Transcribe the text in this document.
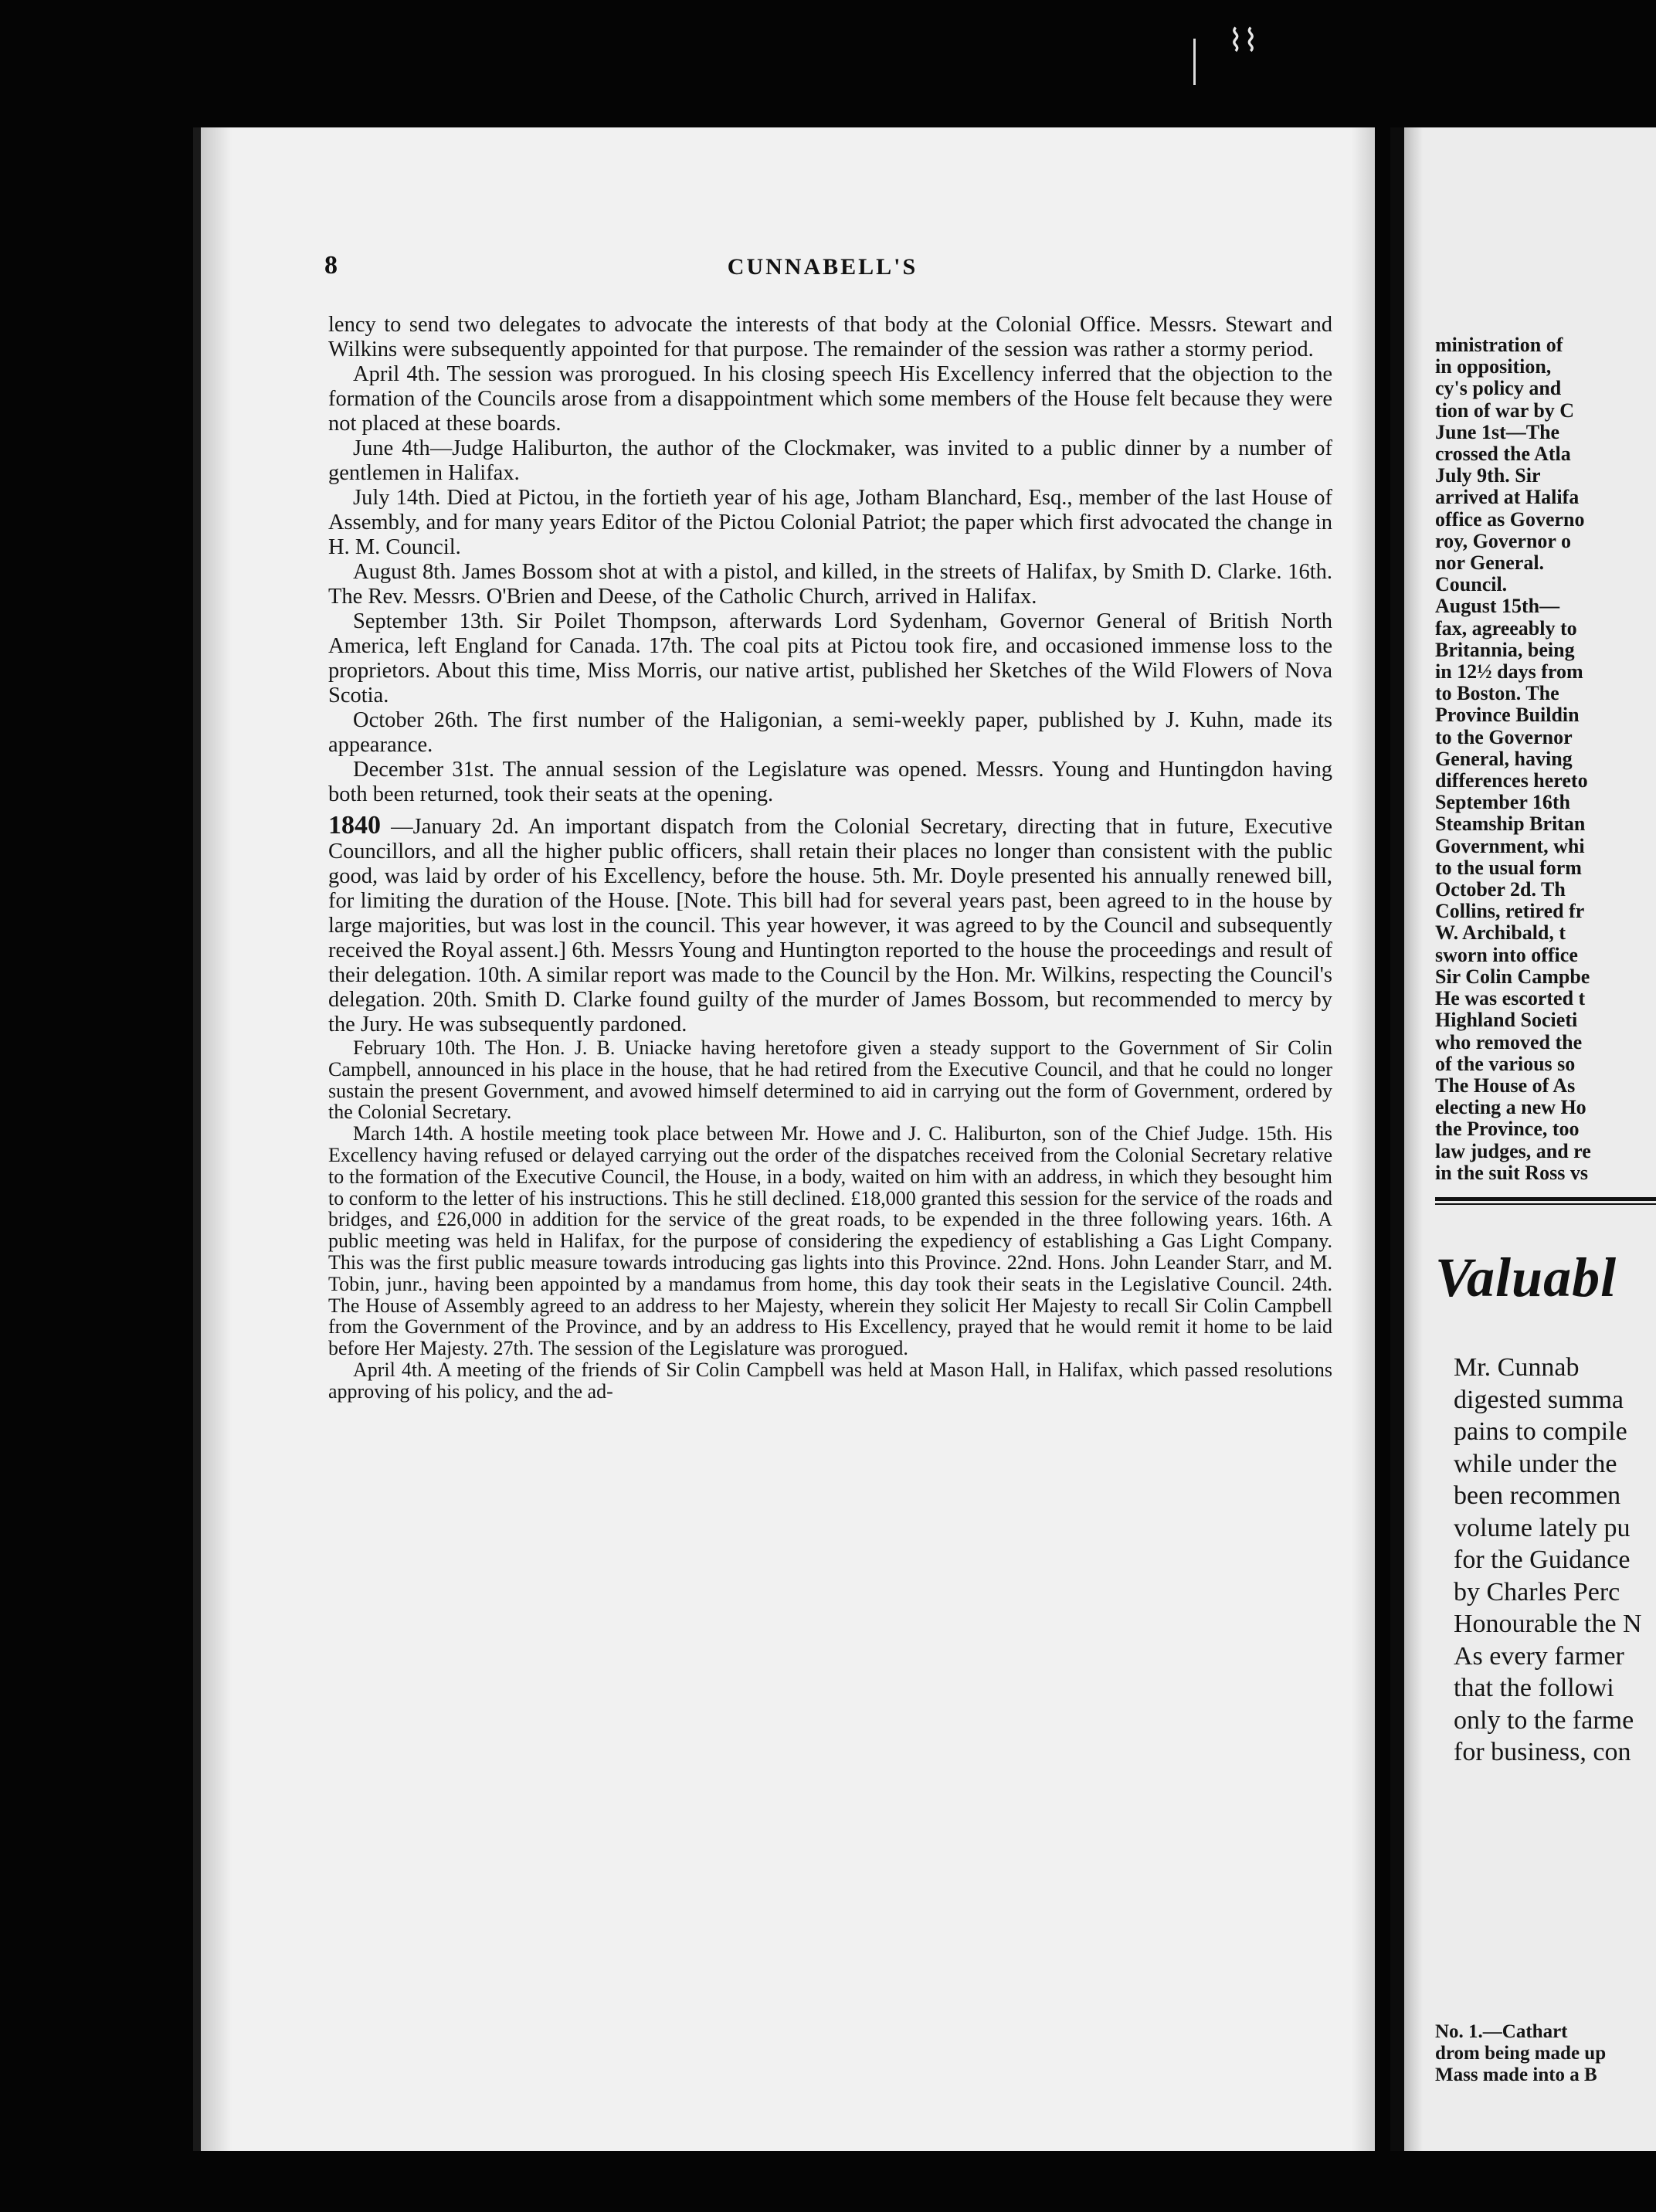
⌇⌇
8	CUNNABELL'S

lency to send two delegates to advocate the interests of that body at the Colonial Office. Messrs. Stewart and Wilkins were subsequently appointed for that purpose. The remainder of the session was rather a stormy period.

April 4th. The session was prorogued. In his closing speech His Excellency inferred that the objection to the formation of the Councils arose from a disappointment which some members of the House felt because they were not placed at these boards.

June 4th—Judge Haliburton, the author of the Clockmaker, was invited to a public dinner by a number of gentlemen in Halifax.

July 14th. Died at Pictou, in the fortieth year of his age, Jotham Blanchard, Esq., member of the last House of Assembly, and for many years Editor of the Pictou Colonial Patriot; the paper which first advocated the change in H. M. Council.

August 8th. James Bossom shot at with a pistol, and killed, in the streets of Halifax, by Smith D. Clarke. 16th. The Rev. Messrs. O'Brien and Deese, of the Catholic Church, arrived in Halifax.

September 13th. Sir Poilet Thompson, afterwards Lord Sydenham, Governor General of British North America, left England for Canada. 17th. The coal pits at Pictou took fire, and occasioned immense loss to the proprietors. About this time, Miss Morris, our native artist, published her Sketches of the Wild Flowers of Nova Scotia.

October 26th. The first number of the Haligonian, a semi-weekly paper, published by J. Kuhn, made its appearance.

December 31st. The annual session of the Legislature was opened. Messrs. Young and Huntingdon having both been returned, took their seats at the opening.

1840 —January 2d. An important dispatch from the Colonial Secretary, directing that in future, Executive Councillors, and all the higher public officers, shall retain their places no longer than consistent with the public good, was laid by order of his Excellency, before the house. 5th. Mr. Doyle presented his annually renewed bill, for limiting the duration of the House. [Note. This bill had for several years past, been agreed to in the house by large majorities, but was lost in the council. This year however, it was agreed to by the Council and subsequently received the Royal assent.] 6th. Messrs Young and Huntington reported to the house the proceedings and result of their delegation. 10th. A similar report was made to the Council by the Hon. Mr. Wilkins, respecting the Council's delegation. 20th. Smith D. Clarke found guilty of the murder of James Bossom, but recommended to mercy by the Jury. He was subsequently pardoned.

February 10th. The Hon. J. B. Uniacke having heretofore given a steady support to the Government of Sir Colin Campbell, announced in his place in the house, that he had retired from the Executive Council, and that he could no longer sustain the present Government, and avowed himself determined to aid in carrying out the form of Government, ordered by the Colonial Secretary.

March 14th. A hostile meeting took place between Mr. Howe and J. C. Haliburton, son of the Chief Judge. 15th. His Excellency having refused or delayed carrying out the order of the dispatches received from the Colonial Secretary relative to the formation of the Executive Council, the House, in a body, waited on him with an address, in which they besought him to conform to the letter of his instructions. This he still declined. £18,000 granted this session for the service of the roads and bridges, and £26,000 in addition for the service of the great roads, to be expended in the three following years. 16th. A public meeting was held in Halifax, for the purpose of considering the expediency of establishing a Gas Light Company. This was the first public measure towards introducing gas lights into this Province. 22nd. Hons. John Leander Starr, and M. Tobin, junr., having been appointed by a mandamus from home, this day took their seats in the Legislative Council. 24th. The House of Assembly agreed to an address to her Majesty, wherein they solicit Her Majesty to recall Sir Colin Campbell from the Government of the Province, and by an address to His Excellency, prayed that he would remit it home to be laid before Her Majesty. 27th. The session of the Legislature was prorogued.

April 4th. A meeting of the friends of Sir Colin Campbell was held at Mason Hall, in Halifax, which passed resolutions approving of his policy, and the ad-

ministration of
in opposition,
cy's policy and
tion of war by C
June 1st—The
crossed the Atla
July 9th. Sir
arrived at Halifa
office as Governo
roy, Governor o
nor General.
Council.
August 15th—
fax, agreeably to
Britannia, being
in 12½ days from
to Boston. The
Province Buildin
to the Governor
General, having
differences hereto
September 16th
Steamship Britan
Government, whi
to the usual form
October 2d. Th
Collins, retired fr
W. Archibald, t
sworn into office
Sir Colin Campbe
He was escorted t
Highland Societi
who removed the
of the various so
The House of As
electing a new Ho
the Province, too
law judges, and re
in the suit Ross vs
Valuabl
Mr. Cunnab
digested summa
pains to compile
while under the
been recommen
volume lately pu
for the Guidance
by Charles Perc
Honourable the N
As every farmer
that the followi
only to the farme
for business, con
No. 1.—Cathart
drom being made up
Mass made into a B
